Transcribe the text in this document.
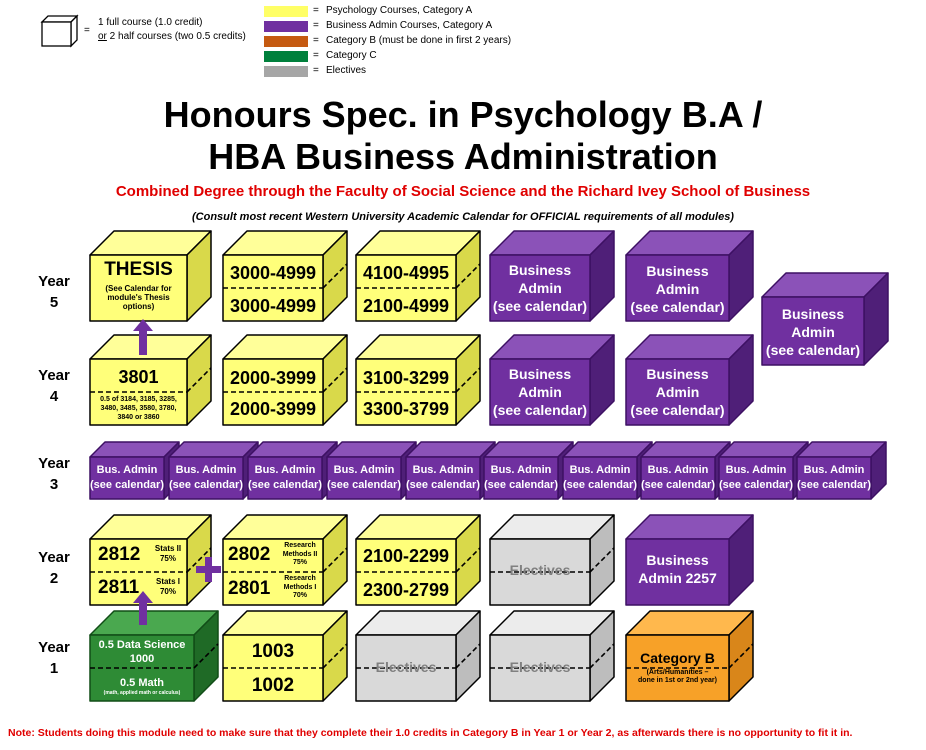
=
1 full course (1.0 credit)
or 2 half courses (two 0.5 credits)
= Psychology Courses, Category A
= Business Admin Courses, Category A
= Category B (must be done in first 2 years)
= Category C
= Electives
Honours Spec. in Psychology B.A /
HBA Business Administration
Combined Degree through the Faculty of Social Science and the Richard Ivey School of Business
(Consult most recent Western University Academic Calendar for OFFICIAL requirements of all modules)
Year
5
Year
4
Year
3
Year
2
Year
1
THESIS
(See Calendar for module's Thesis options)
3000-4999
3000-4999
4100-4995
2100-4999
Business
Admin
(see calendar)
Business
Admin
(see calendar)	Business
Admin
(see calendar)
3801
0.5 of 3184, 3185, 3285, 3480, 3485, 3580, 3780, 3840 or 3860
2000-3999
2000-3999
3100-3299
3300-3799
Business
Admin
(see calendar)
Business
Admin
(see calendar)
Bus. Admin
(see calendar)
Bus. Admin
(see calendar)
Bus. Admin
(see calendar)
Bus. Admin
(see calendar)
Bus. Admin
(see calendar)
Bus. Admin
(see calendar)
Bus. Admin
(see calendar)
Bus. Admin
(see calendar)
Bus. Admin
(see calendar)
Bus. Admin
(see calendar)
2812	Stats II 75%
2811	Stats I 70%
2802	Research Methods II 75%
2801	Research Methods I 70%
2100-2299
2300-2799
Electives
Business
Admin 2257
0.5 Data Science
1000
0.5 Math
(math, applied math or calculus)
1003
1002
Electives	Electives
Category B
(Arts/Humanities –
done in 1st or 2nd year)
Note: Students doing this module need to make sure that they complete their 1.0 credits in Category B in Year 1 or Year 2, as afterwards there is no opportunity to fit it in.
